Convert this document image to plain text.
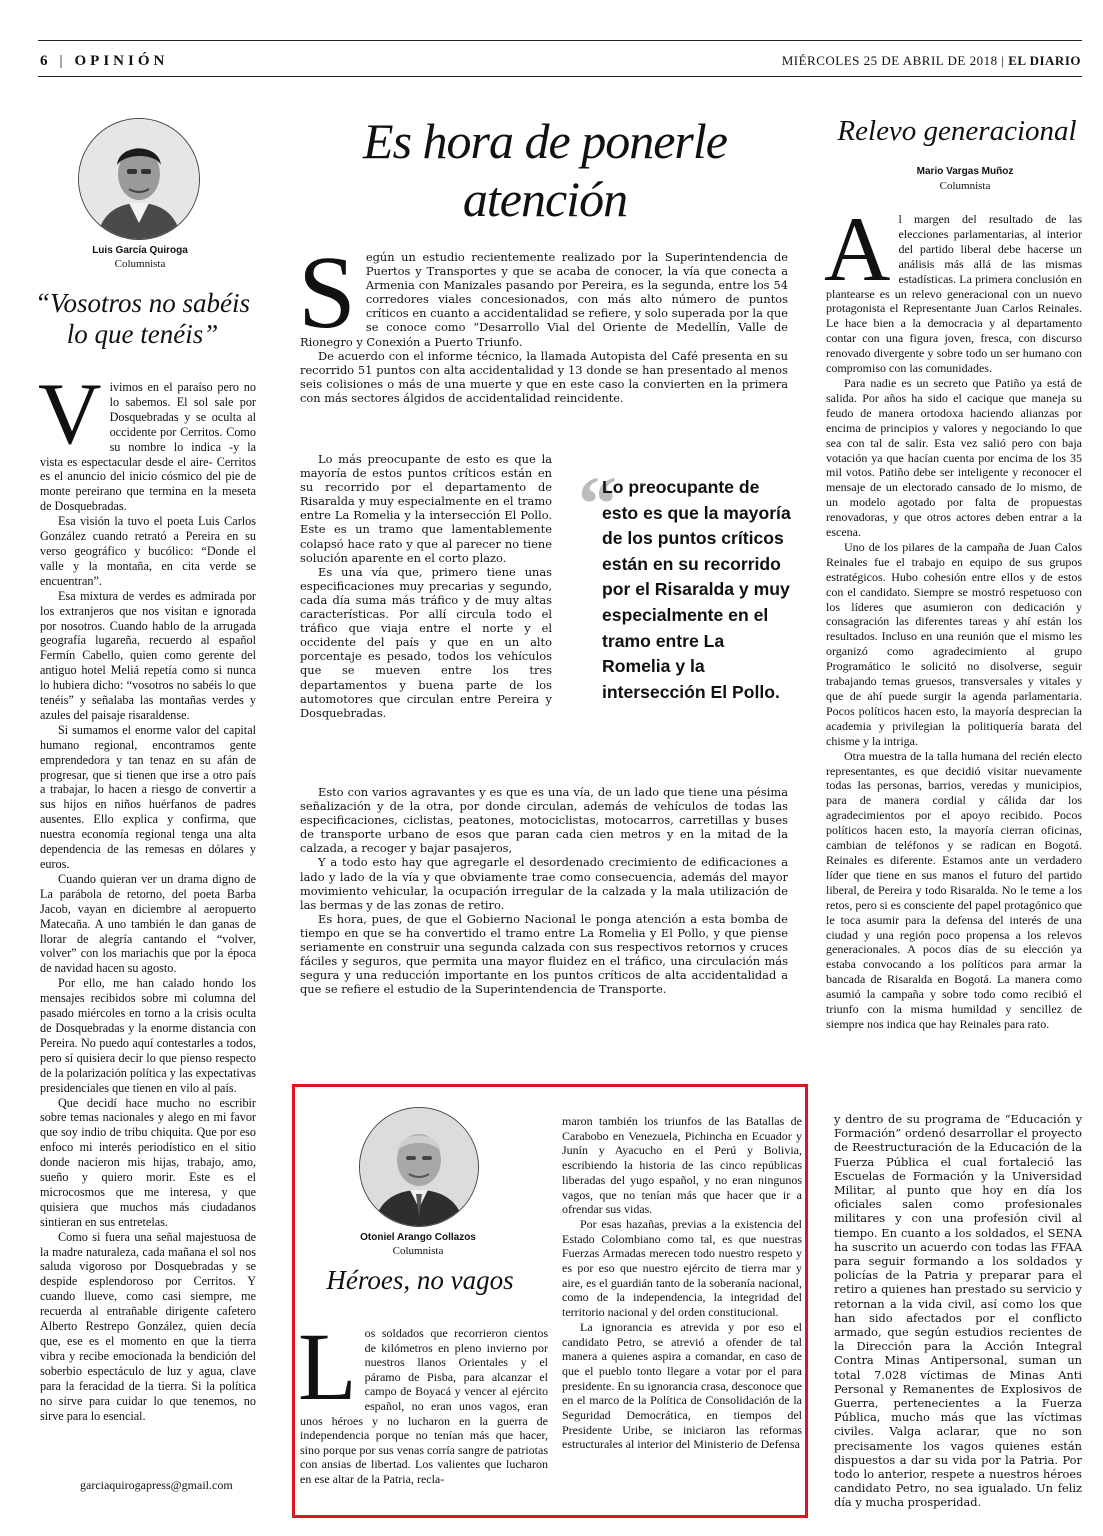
6 | OPINIÓN	MIÉRCOLES 25 DE ABRIL DE 2018 | EL DIARIO
Luis García Quiroga
Columnista
“Vosotros no sabéis lo que tenéis”

Vivimos en el paraíso pero no lo sabemos. El sol sale por Dosquebradas y se oculta al occidente por Cerritos. Como su nombre lo indica -y la vista es espectacular desde el aire- Cerritos es el anuncio del inicio cósmico del pie de monte pereirano que termina en la meseta de Dosquebradas.

Esa visión la tuvo el poeta Luis Carlos González cuando retrató a Pereira en su verso geográfico y bucólico: “Donde el valle y la montaña, en cita verde se encuentran”.

Esa mixtura de verdes es admirada por los extranjeros que nos visitan e ignorada por nosotros. Cuando hablo de la arrugada geografía lugareña, recuerdo al español Fermín Cabello, quien como gerente del antiguo hotel Meliá repetía como si nunca lo hubiera dicho: “vosotros no sabéis lo que tenéis” y señalaba las montañas verdes y azules del paisaje risaraldense.

Si sumamos el enorme valor del capital humano regional, encontramos gente emprendedora y tan tenaz en su afán de progresar, que si tienen que irse a otro país a trabajar, lo hacen a riesgo de convertir a sus hijos en niños huérfanos de padres ausentes. Ello explica y confirma, que nuestra economía regional tenga una alta dependencia de las remesas en dólares y euros.

Cuando quieran ver un drama digno de La parábola de retorno, del poeta Barba Jacob, vayan en diciembre al aeropuerto Matecaña. A uno también le dan ganas de llorar de alegría cantando el “volver, volver” con los mariachis que por la época de navidad hacen su agosto.

Por ello, me han calado hondo los mensajes recibidos sobre mi columna del pasado miércoles en torno a la crisis oculta de Dosquebradas y la enorme distancia con Pereira. No puedo aquí contestarles a todos, pero sí quisiera decir lo que pienso respecto de la polarización política y las expectativas presidenciales que tienen en vilo al país.

Que decidí hace mucho no escribir sobre temas nacionales y alego en mi favor que soy indio de tribu chiquita. Que por eso enfoco mi interés periodístico en el sitio donde nacieron mis hijas, trabajo, amo, sueño y quiero morir. Este es el microcosmos que me interesa, y que quisiera que muchos más ciudadanos sintieran en sus entretelas.

Como si fuera una señal majestuosa de la madre naturaleza, cada mañana el sol nos saluda vigoroso por Dosquebradas y se despide esplendoroso por Cerritos. Y cuando llueve, como casi siempre, me recuerda al entrañable dirigente cafetero Alberto Restrepo González, quien decía que, ese es el momento en que la tierra vibra y recibe emocionada la bendición del soberbio espectáculo de luz y agua, clave para la feracidad de la tierra. Si la política no sirve para cuidar lo que tenemos, no sirve para lo esencial.

garciaquirogapress@gmail.com
Es hora de ponerle atención

Según un estudio recientemente realizado por la Superintendencia de Puertos y Transportes y que se acaba de conocer, la vía que conecta a Armenia con Manizales pasando por Pereira, es la segunda, entre los 54 corredores viales concesionados, con más alto número de puntos críticos en cuanto a accidentalidad se refiere, y solo superada por la que se conoce como “Desarrollo Vial del Oriente de Medellín, Valle de Rionegro y Conexión a Puerto Triunfo.

De acuerdo con el informe técnico, la llamada Autopista del Café presenta en su recorrido 51 puntos con alta accidentalidad y 13 donde se han presentado al menos seis colisiones o más de una muerte y que en este caso la convierten en la primera con más sectores álgidos de accidentalidad reincidente.

Lo más preocupante de esto es que la mayoría de estos puntos críticos están en su recorrido por el departamento de Risaralda y muy especialmente en el tramo entre La Romelia y la intersección El Pollo. Este es un tramo que lamentablemente colapsó hace rato y que al parecer no tiene solución aparente en el corto plazo.

Es una vía que, primero tiene unas especificaciones muy precarias y segundo, cada día suma más tráfico y de muy altas características. Por allí circula todo el tráfico que viaja entre el norte y el occidente del país y que en un alto porcentaje es pesado, todos los vehículos que se mueven entre los tres departamentos y buena parte de los automotores que circulan entre Pereira y Dosquebradas.

“
Lo preocupante de esto es que la mayoría de los puntos críticos están en su recorrido por el Risaralda y muy especialmente en el tramo entre La Romelia y la intersección El Pollo.

Esto con varios agravantes y es que es una vía, de un lado que tiene una pésima señalización y de la otra, por donde circulan, además de vehículos de todas las especificaciones, ciclistas, peatones, motociclistas, motocarros, carretillas y buses de transporte urbano de esos que paran cada cien metros y en la mitad de la calzada, a recoger y bajar pasajeros,

Y a todo esto hay que agregarle el desordenado crecimiento de edificaciones a lado y lado de la vía y que obviamente trae como consecuencia, además del mayor movimiento vehicular, la ocupación irregular de la calzada y la mala utilización de las bermas y de las zonas de retiro.

Es hora, pues, de que el Gobierno Nacional le ponga atención a esta bomba de tiempo en que se ha convertido el tramo entre La Romelia y El Pollo, y que piense seriamente en construir una segunda calzada con sus respectivos retornos y cruces fáciles y seguros, que permita una mayor fluidez en el tráfico, una circulación más segura y una reducción importante en los puntos críticos de alta accidentalidad a que se refiere el estudio de la Superintendencia de Transporte.

Relevo generacional
Mario Vargas Muñoz
Columnista

Al margen del resultado de las elecciones parlamentarias, al interior del partido liberal debe hacerse un análisis más allá de las mismas estadísticas. La primera conclusión en plantearse es un relevo generacional con un nuevo protagonista el Representante Juan Carlos Reinales. Le hace bien a la democracia y al departamento contar con una figura joven, fresca, con discurso renovado divergente y sobre todo un ser humano con compromiso con las comunidades.

Para nadie es un secreto que Patiño ya está de salida. Por años ha sido el cacique que maneja su feudo de manera ortodoxa haciendo alianzas por encima de principios y valores y negociando lo que sea con tal de salir. Esta vez salió pero con baja votación ya que hacían cuenta por encima de los 35 mil votos. Patiño debe ser inteligente y reconocer el mensaje de un electorado cansado de lo mismo, de un modelo agotado por falta de propuestas renovadoras, y que otros actores deben entrar a la escena.

Uno de los pilares de la campaña de Juan Calos Reinales fue el trabajo en equipo de sus grupos estratégicos. Hubo cohesión entre ellos y de estos con el candidato. Siempre se mostró respetuoso con los líderes que asumieron con dedicación y consagración las diferentes tareas y ahí están los resultados. Incluso en una reunión que el mismo les organizó como agradecimiento al grupo Programático le solicitó no disolverse, seguir trabajando temas gruesos, transversales y vitales y que de ahí puede surgir la agenda parlamentaria. Pocos políticos hacen esto, la mayoría desprecian la academia y privilegian la politiquería barata del chisme y la intriga.

Otra muestra de la talla humana del recién electo representantes, es que decidió visitar nuevamente todas las personas, barrios, veredas y municipios, para de manera cordial y cálida dar los agradecimientos por el apoyo recibido. Pocos políticos hacen esto, la mayoría cierran oficinas, cambian de teléfonos y se radican en Bogotá. Reinales es diferente. Estamos ante un verdadero líder que tiene en sus manos el futuro del partido liberal, de Pereira y todo Risaralda. No le teme a los retos, pero si es consciente del papel protagónico que le toca asumir para la defensa del interés de una ciudad y una región poco propensa a los relevos generacionales. A pocos días de su elección ya estaba convocando a los políticos para armar la bancada de Risaralda en Bogotá. La manera como asumió la campaña y sobre todo como recibió el triunfo con la misma humildad y sencillez de siempre nos indica que hay Reinales para rato.

Otoniel Arango Collazos
Columnista
Héroes, no vagos

Los soldados que recorrieron cientos de kilómetros en pleno invierno por nuestros llanos Orientales y el páramo de Pisba, para alcanzar el campo de Boyacá y vencer al ejército español, no eran unos vagos, eran unos héroes y no lucharon en la guerra de independencia porque no tenían más que hacer, sino porque por sus venas corría sangre de patriotas con ansias de libertad. Los valientes que lucharon en ese altar de la Patria, recla-

maron también los triunfos de las Batallas de Carabobo en Venezuela, Pichincha en Ecuador y Junín y Ayacucho en el Perú y Bolivia, escribiendo la historia de las cinco repúblicas liberadas del yugo español, y no eran ningunos vagos, que no tenían más que hacer que ir a ofrendar sus vidas.

Por esas hazañas, previas a la existencia del Estado Colombiano como tal, es que nuestras Fuerzas Armadas merecen todo nuestro respeto y es por eso que nuestro ejército de tierra mar y aire, es el guardián tanto de la soberanía nacional, como de la independencia, la integridad del territorio nacional y del orden constitucional.

La ignorancia es atrevida y por eso el candidato Petro, se atrevió a ofender de tal manera a quienes aspira a comandar, en caso de que el pueblo tonto llegare a votar por el para presidente. En su ignorancia crasa, desconoce que en el marco de la Política de Consolidación de la Seguridad Democrática, en tiempos del Presidente Uribe, se iniciaron las reformas estructurales al interior del Ministerio de Defensa

y dentro de su programa de “Educación y Formación” ordenó desarrollar el proyecto de Reestructuración de la Educación de la Fuerza Pública el cual fortaleció las Escuelas de Formación y la Universidad Militar, al punto que hoy en día los oficiales salen como profesionales militares y con una profesión civil al tiempo. En cuanto a los soldados, el SENA ha suscrito un acuerdo con todas las FFAA para seguir formando a los soldados y policías de la Patria y preparar para el retiro a quienes han prestado su servicio y retornan a la vida civil, así como los que han sido afectados por el conflicto armado, que según estudios recientes de la Dirección para la Acción Integral Contra Minas Antipersonal, suman un total 7.028 víctimas de Minas Anti Personal y Remanentes de Explosivos de Guerra, pertenecientes a la Fuerza Pública, mucho más que las víctimas civiles. Valga aclarar, que no son precisamente los vagos quienes están dispuestos a dar su vida por la Patria. Por todo lo anterior, respete a nuestros héroes candidato Petro, no sea igualado. Un feliz día y mucha prosperidad.
